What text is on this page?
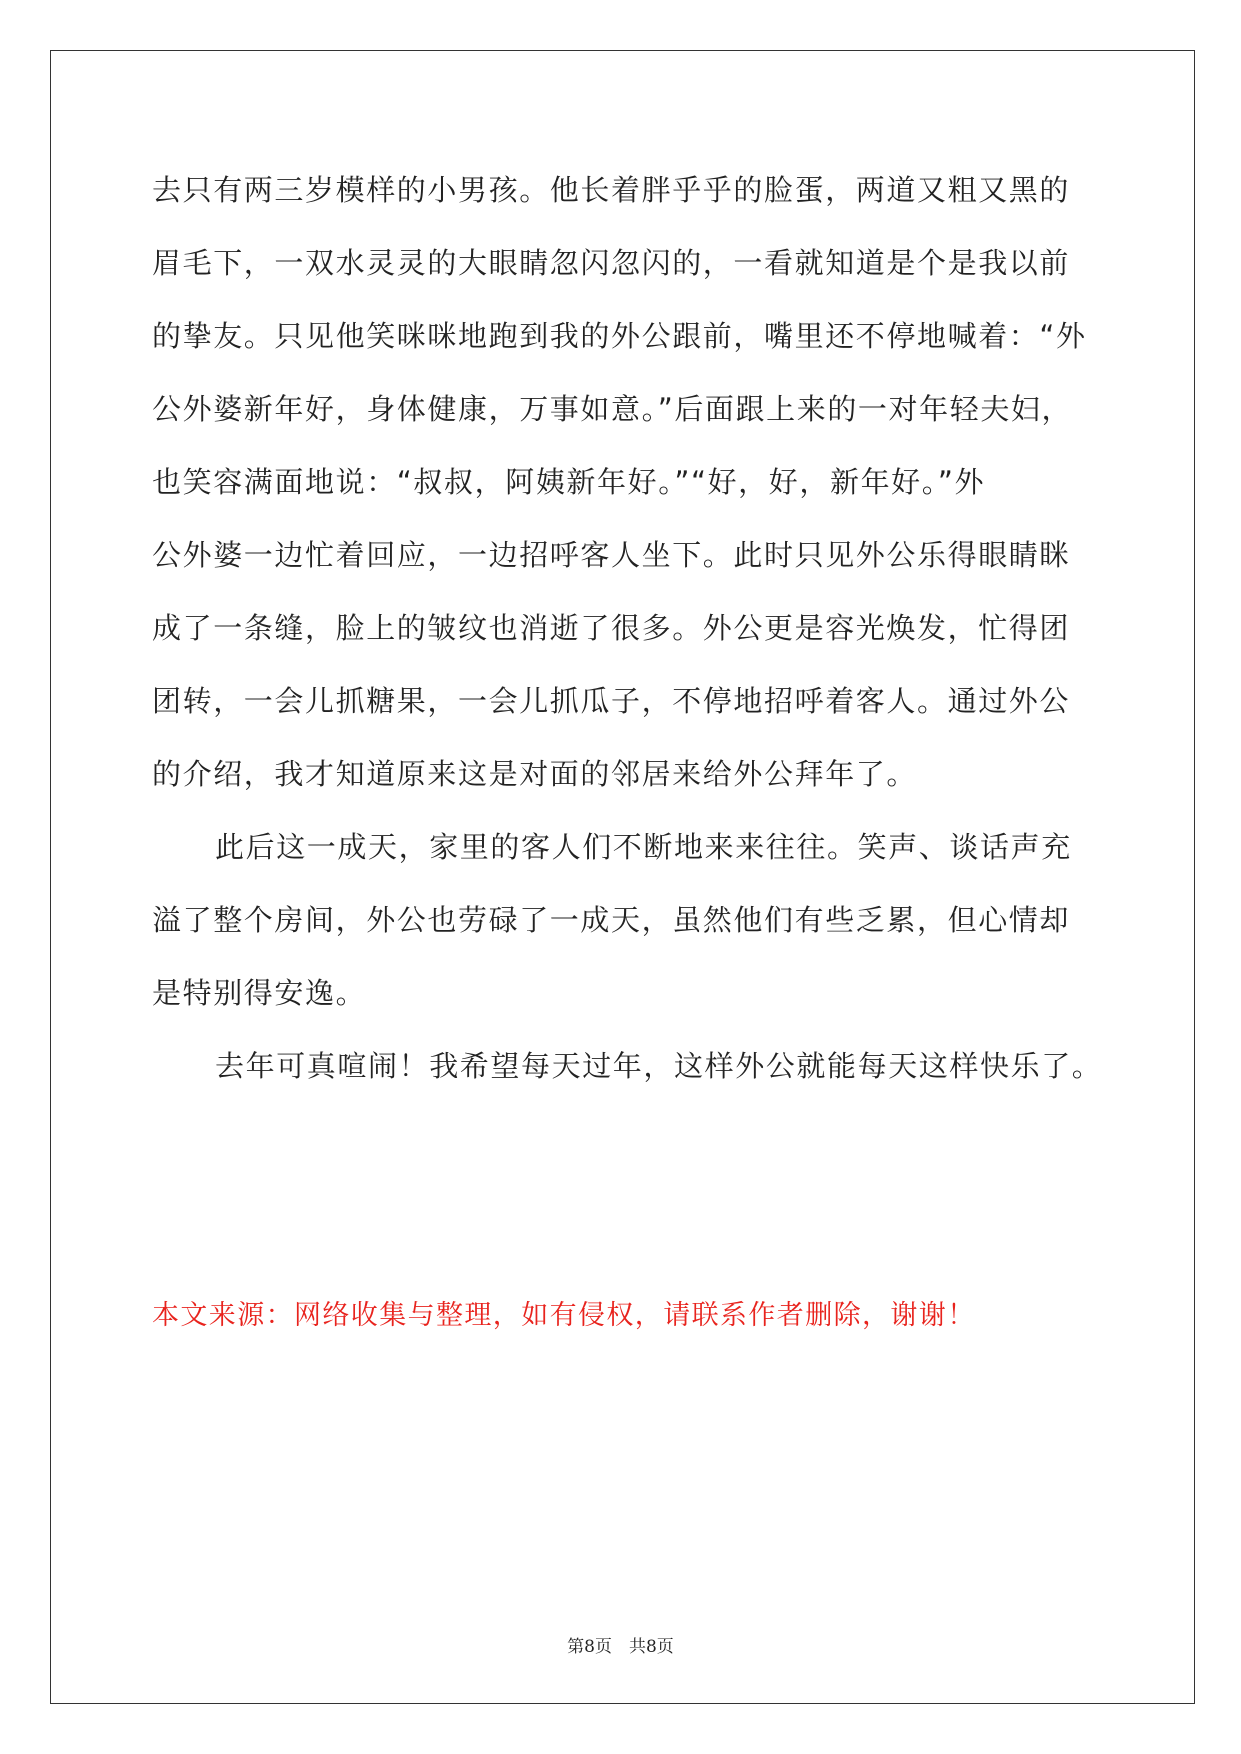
去只有两三岁模样的小男孩。他长着胖乎乎的脸蛋，两道又粗又黑的
眉毛下，一双水灵灵的大眼睛忽闪忽闪的，一看就知道是个是我以前
的挚友。只见他笑咪咪地跑到我的外公跟前，嘴里还不停地喊着：“外
公外婆新年好，身体健康，万事如意。”后面跟上来的一对年轻夫妇，
也笑容满面地说：“叔叔，阿姨新年好。”“好，好，新年好。”外
公外婆一边忙着回应，一边招呼客人坐下。此时只见外公乐得眼睛眯
成了一条缝，脸上的皱纹也消逝了很多。外公更是容光焕发，忙得团
团转，一会儿抓糖果，一会儿抓瓜子，不停地招呼着客人。通过外公
的介绍，我才知道原来这是对面的邻居来给外公拜年了。
此后这一成天，家里的客人们不断地来来往往。笑声、谈话声充
溢了整个房间，外公也劳碌了一成天，虽然他们有些乏累，但心情却
是特别得安逸。
去年可真喧闹！我希望每天过年，这样外公就能每天这样快乐了。
本文来源：网络收集与整理，如有侵权，请联系作者删除，谢谢！
第8页　共8页
